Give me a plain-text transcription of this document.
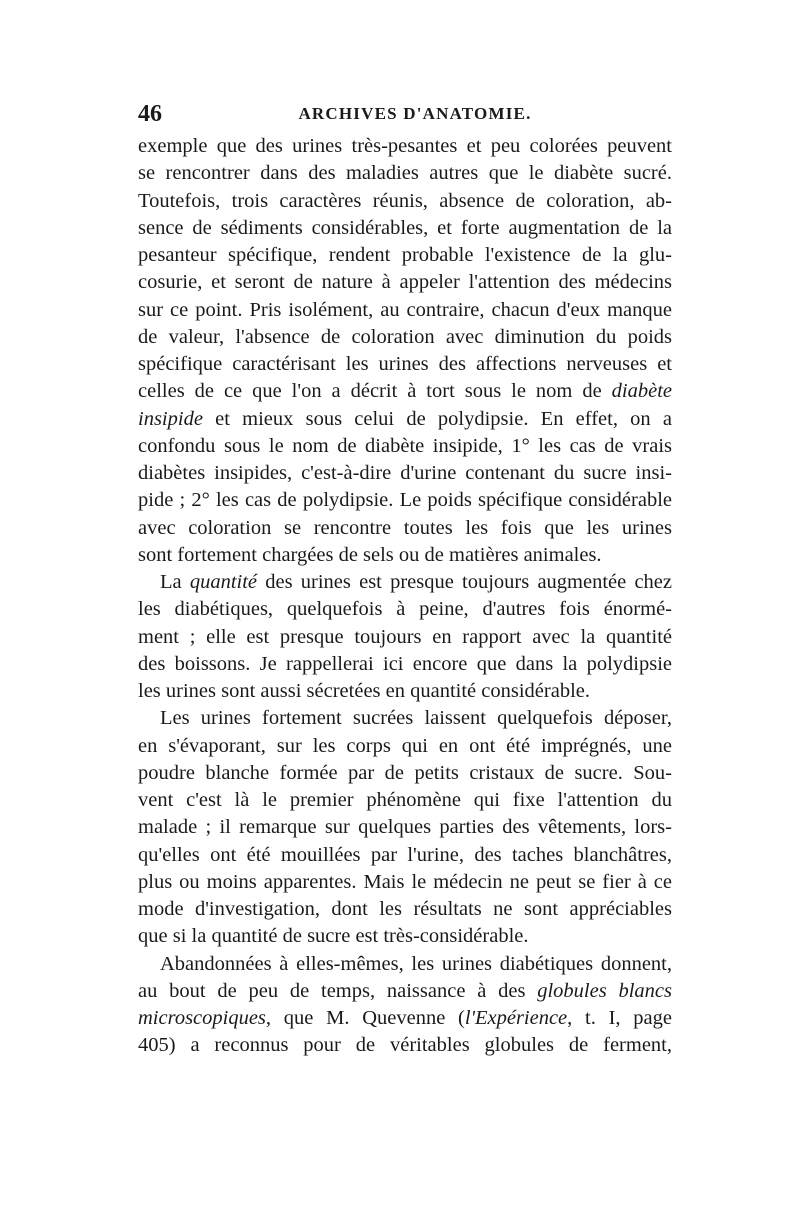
46	ARCHIVES D'ANATOMIE.
exemple que des urines très-pesantes et peu colorées peuvent
se rencontrer dans des maladies autres que le diabète sucré.
Toutefois, trois caractères réunis, absence de coloration, ab-
sence de sédiments considérables, et forte augmentation de la
pesanteur spécifique, rendent probable l'existence de la glu-
cosurie, et seront de nature à appeler l'attention des médecins
sur ce point. Pris isolément, au contraire, chacun d'eux manque
de valeur, l'absence de coloration avec diminution du poids
spécifique caractérisant les urines des affections nerveuses et
celles de ce que l'on a décrit à tort sous le nom de diabète
insipide et mieux sous celui de polydipsie. En effet, on a
confondu sous le nom de diabète insipide, 1° les cas de vrais
diabètes insipides, c'est-à-dire d'urine contenant du sucre insi-
pide ; 2° les cas de polydipsie. Le poids spécifique considérable
avec coloration se rencontre toutes les fois que les urines
sont fortement chargées de sels ou de matières animales.
La quantité des urines est presque toujours augmentée chez
les diabétiques, quelquefois à peine, d'autres fois énormé-
ment ; elle est presque toujours en rapport avec la quantité
des boissons. Je rappellerai ici encore que dans la polydipsie
les urines sont aussi sécretées en quantité considérable.
Les urines fortement sucrées laissent quelquefois déposer,
en s'évaporant, sur les corps qui en ont été imprégnés, une
poudre blanche formée par de petits cristaux de sucre. Sou-
vent c'est là le premier phénomène qui fixe l'attention du
malade ; il remarque sur quelques parties des vêtements, lors-
qu'elles ont été mouillées par l'urine, des taches blanchâtres,
plus ou moins apparentes. Mais le médecin ne peut se fier à ce
mode d'investigation, dont les résultats ne sont appréciables
que si la quantité de sucre est très-considérable.
Abandonnées à elles-mêmes, les urines diabétiques donnent,
au bout de peu de temps, naissance à des globules blancs
microscopiques, que M. Quevenne (l'Expérience, t. I, page
405) a reconnus pour de véritables globules de ferment,
